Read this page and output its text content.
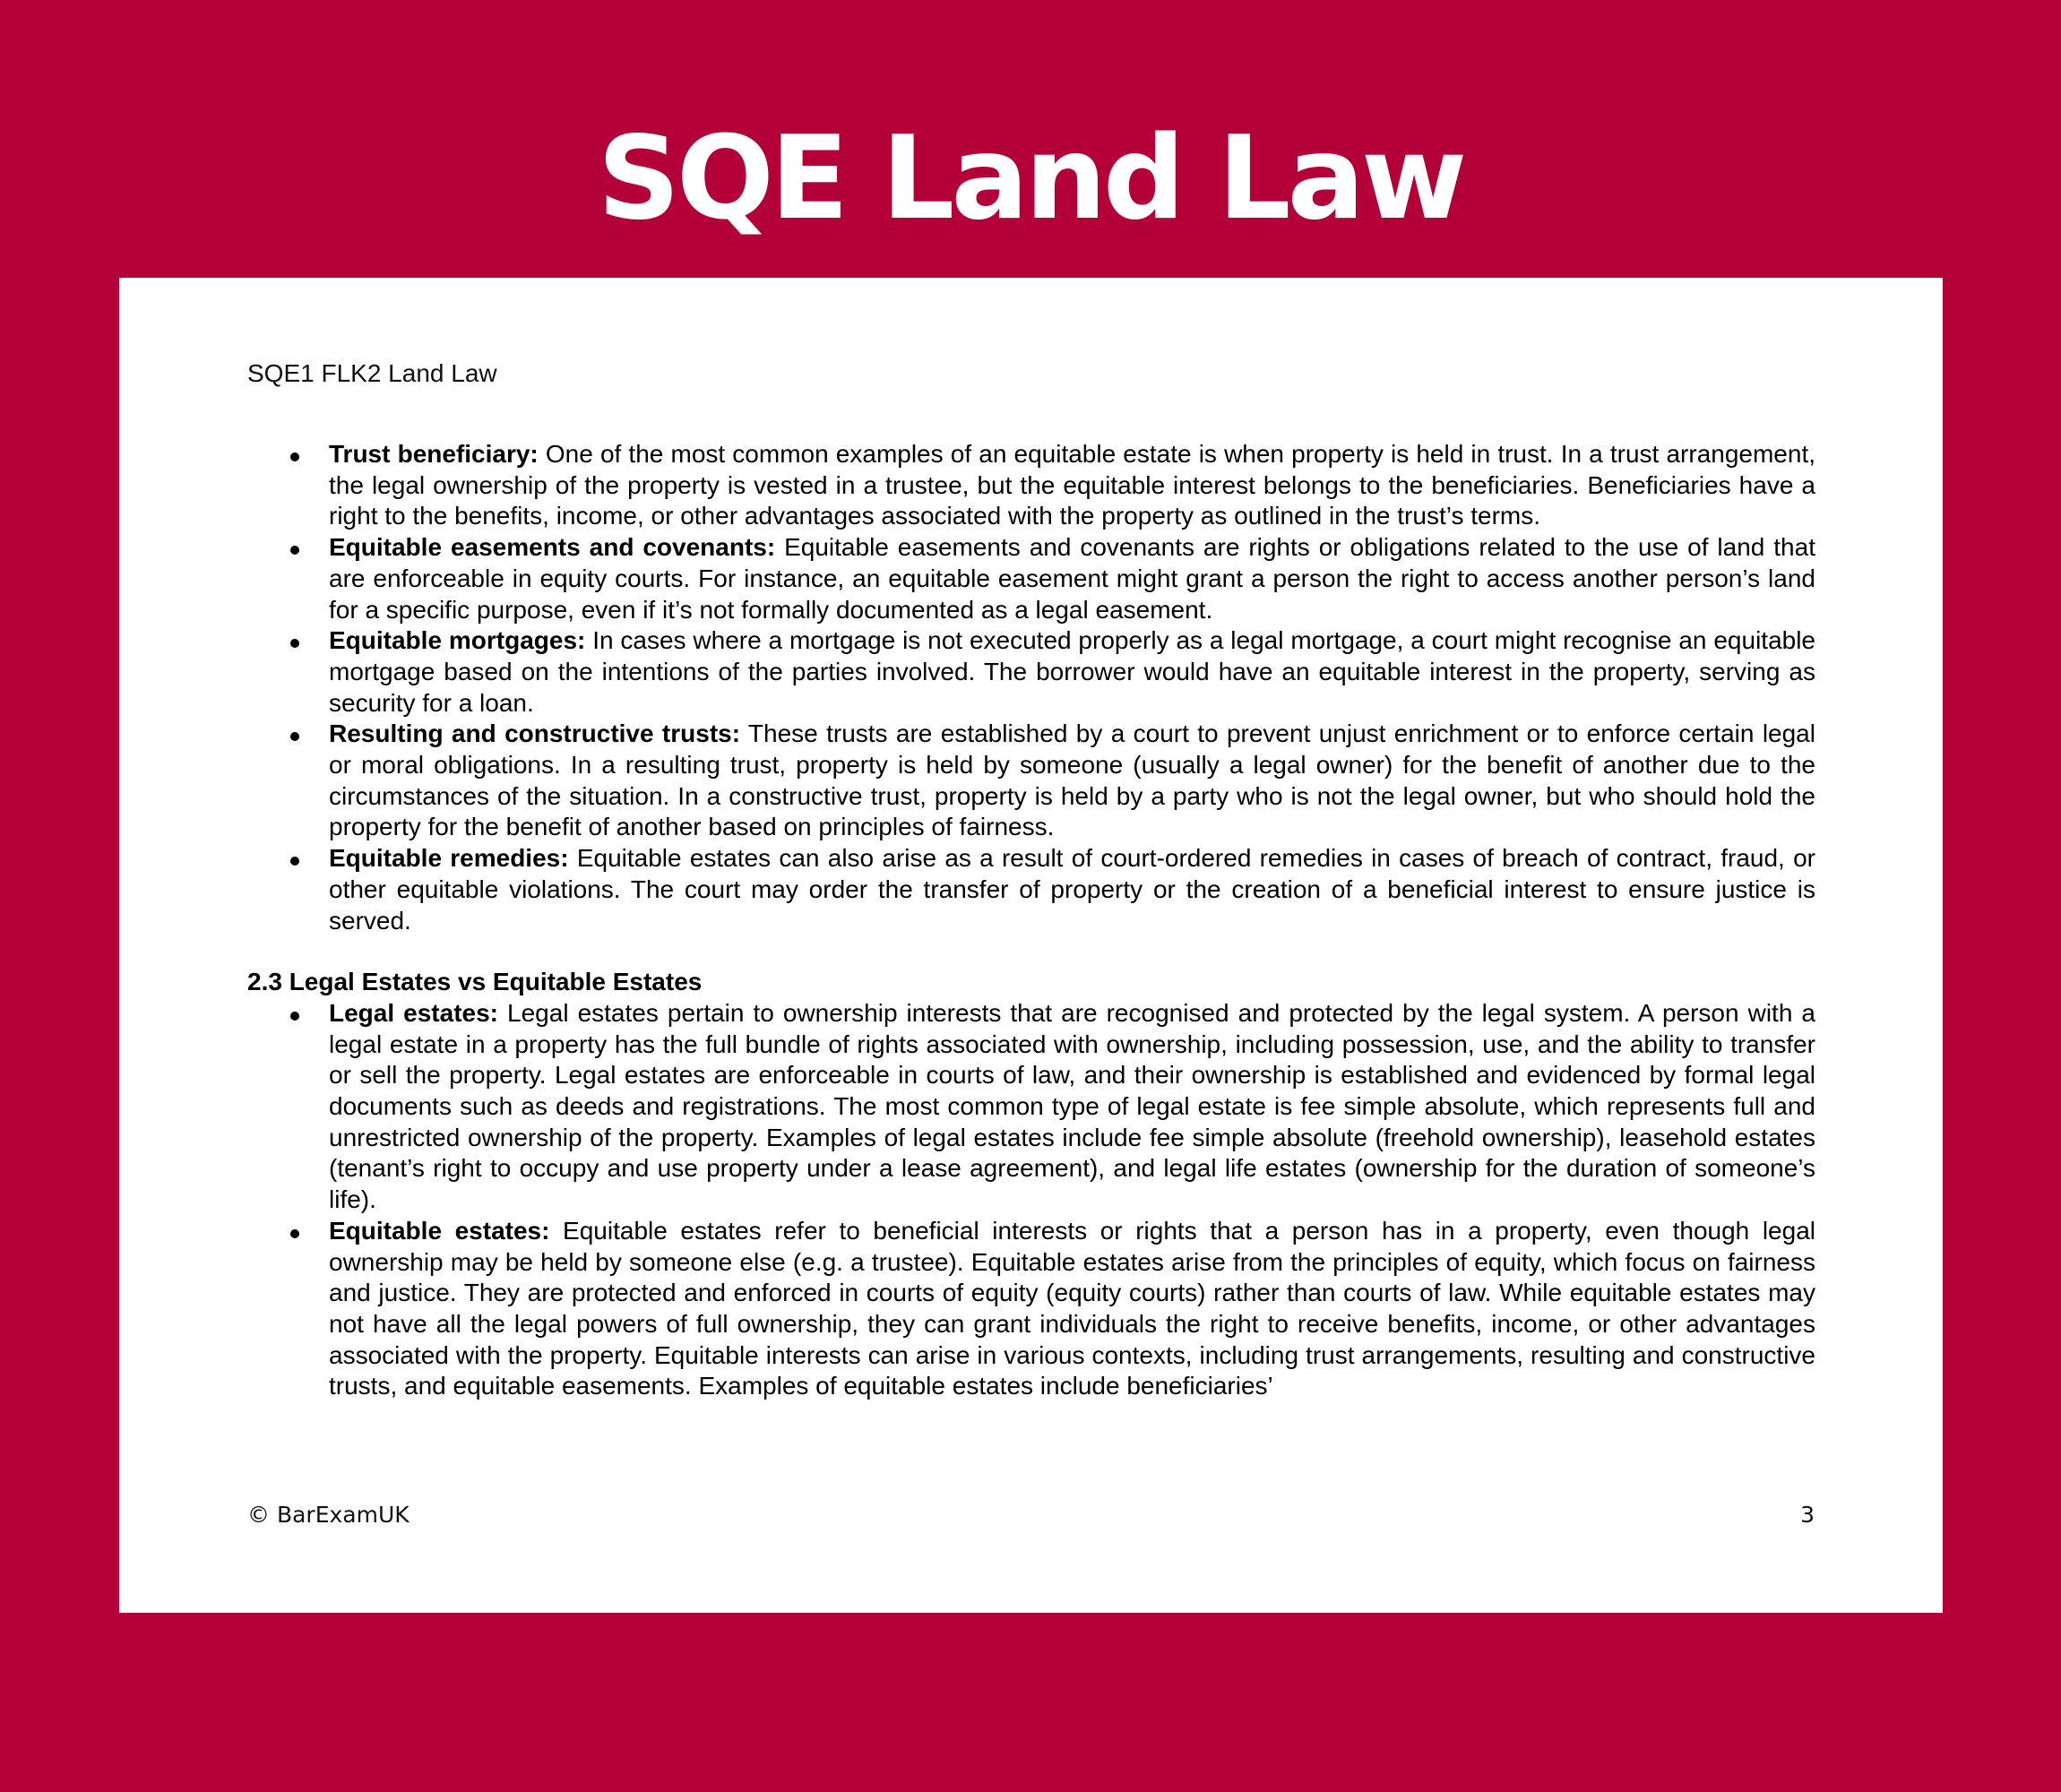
SQE Land Law
SQE1 FLK2 Land Law
Trust beneficiary: One of the most common examples of an equitable estate is when property is held in trust. In a trust arrangement, the legal ownership of the property is vested in a trustee, but the equitable interest belongs to the beneficiaries. Beneficiaries have a right to the benefits, income, or other advantages associated with the property as outlined in the trust’s terms.
Equitable easements and covenants: Equitable easements and covenants are rights or obligations related to the use of land that are enforceable in equity courts. For instance, an equitable easement might grant a person the right to access another person’s land for a specific purpose, even if it’s not formally documented as a legal easement.
Equitable mortgages: In cases where a mortgage is not executed properly as a legal mortgage, a court might recognise an equitable mortgage based on the intentions of the parties involved. The borrower would have an equitable interest in the property, serving as security for a loan.
Resulting and constructive trusts: These trusts are established by a court to prevent unjust enrichment or to enforce certain legal or moral obligations. In a resulting trust, property is held by someone (usually a legal owner) for the benefit of another due to the circumstances of the situation. In a constructive trust, property is held by a party who is not the legal owner, but who should hold the property for the benefit of another based on principles of fairness.
Equitable remedies: Equitable estates can also arise as a result of court-ordered remedies in cases of breach of contract, fraud, or other equitable violations. The court may order the transfer of property or the creation of a beneficial interest to ensure justice is served.
2.3 Legal Estates vs Equitable Estates
Legal estates: Legal estates pertain to ownership interests that are recognised and protected by the legal system. A person with a legal estate in a property has the full bundle of rights associated with ownership, including possession, use, and the ability to transfer or sell the property. Legal estates are enforceable in courts of law, and their ownership is established and evidenced by formal legal documents such as deeds and registrations. The most common type of legal estate is fee simple absolute, which represents full and unrestricted ownership of the property. Examples of legal estates include fee simple absolute (freehold ownership), leasehold estates (tenant’s right to occupy and use property under a lease agreement), and legal life estates (ownership for the duration of someone’s life).
Equitable estates: Equitable estates refer to beneficial interests or rights that a person has in a property, even though legal ownership may be held by someone else (e.g. a trustee). Equitable estates arise from the principles of equity, which focus on fairness and justice. They are protected and enforced in courts of equity (equity courts) rather than courts of law. While equitable estates may not have all the legal powers of full ownership, they can grant individuals the right to receive benefits, income, or other advantages associated with the property. Equitable interests can arise in various contexts, including trust arrangements, resulting and constructive trusts, and equitable easements. Examples of equitable estates include beneficiaries’
© BarExamUK	3
